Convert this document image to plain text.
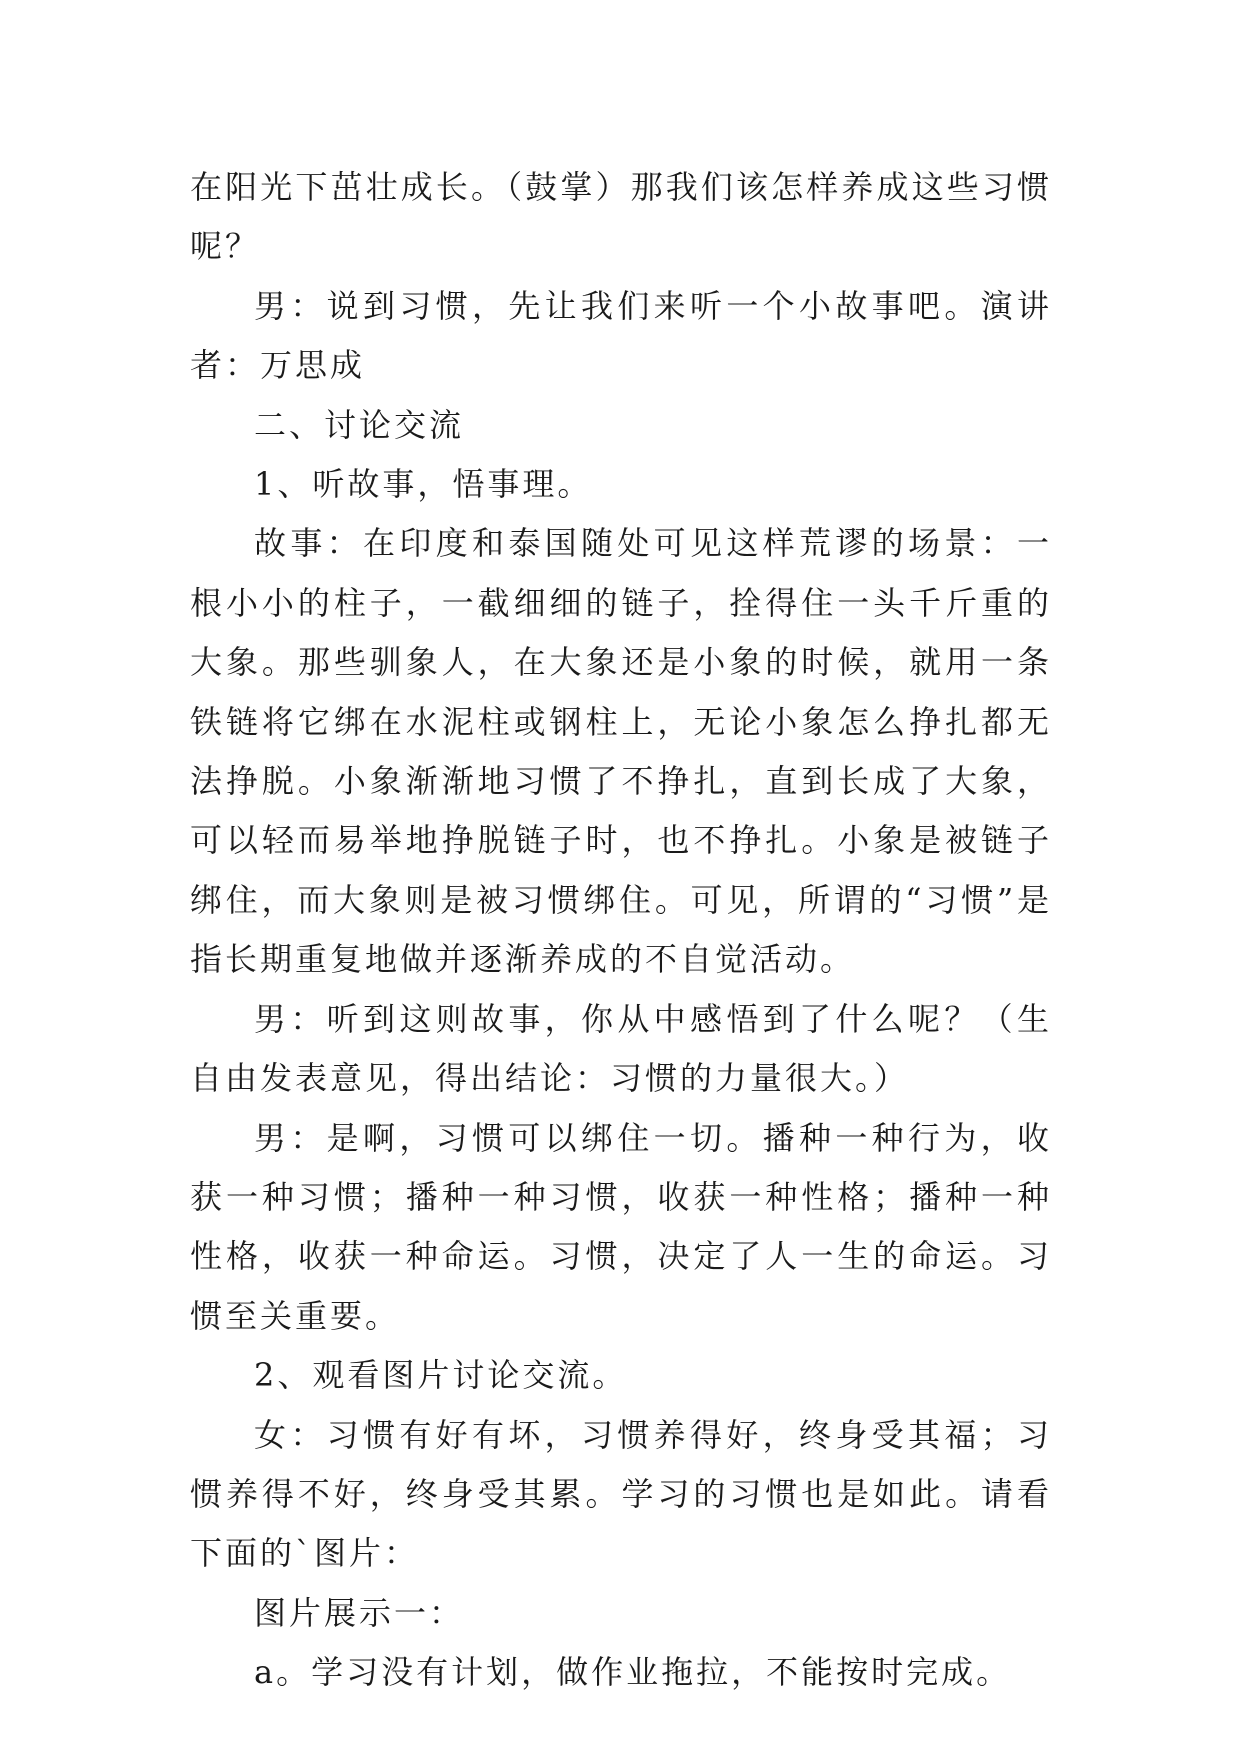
在阳光下茁壮成长。（鼓掌）那我们该怎样养成这些习惯呢？

男：说到习惯，先让我们来听一个小故事吧。演讲者：万思成

二、讨论交流

1、听故事，悟事理。

故事：在印度和泰国随处可见这样荒谬的场景：一根小小的柱子，一截细细的链子，拴得住一头千斤重的大象。那些驯象人，在大象还是小象的时候，就用一条铁链将它绑在水泥柱或钢柱上，无论小象怎么挣扎都无法挣脱。小象渐渐地习惯了不挣扎，直到长成了大象，可以轻而易举地挣脱链子时，也不挣扎。小象是被链子绑住，而大象则是被习惯绑住。可见，所谓的“习惯”是指长期重复地做并逐渐养成的不自觉活动。

男：听到这则故事，你从中感悟到了什么呢？（生自由发表意见，得出结论：习惯的力量很大。）

男：是啊，习惯可以绑住一切。播种一种行为，收获一种习惯；播种一种习惯，收获一种性格；播种一种性格，收获一种命运。习惯，决定了人一生的命运。习惯至关重要。

2、观看图片讨论交流。

女：习惯有好有坏，习惯养得好，终身受其福；习惯养得不好，终身受其累。学习的习惯也是如此。请看下面的`图片：

图片展示一：

a。学习没有计划，做作业拖拉，不能按时完成。
